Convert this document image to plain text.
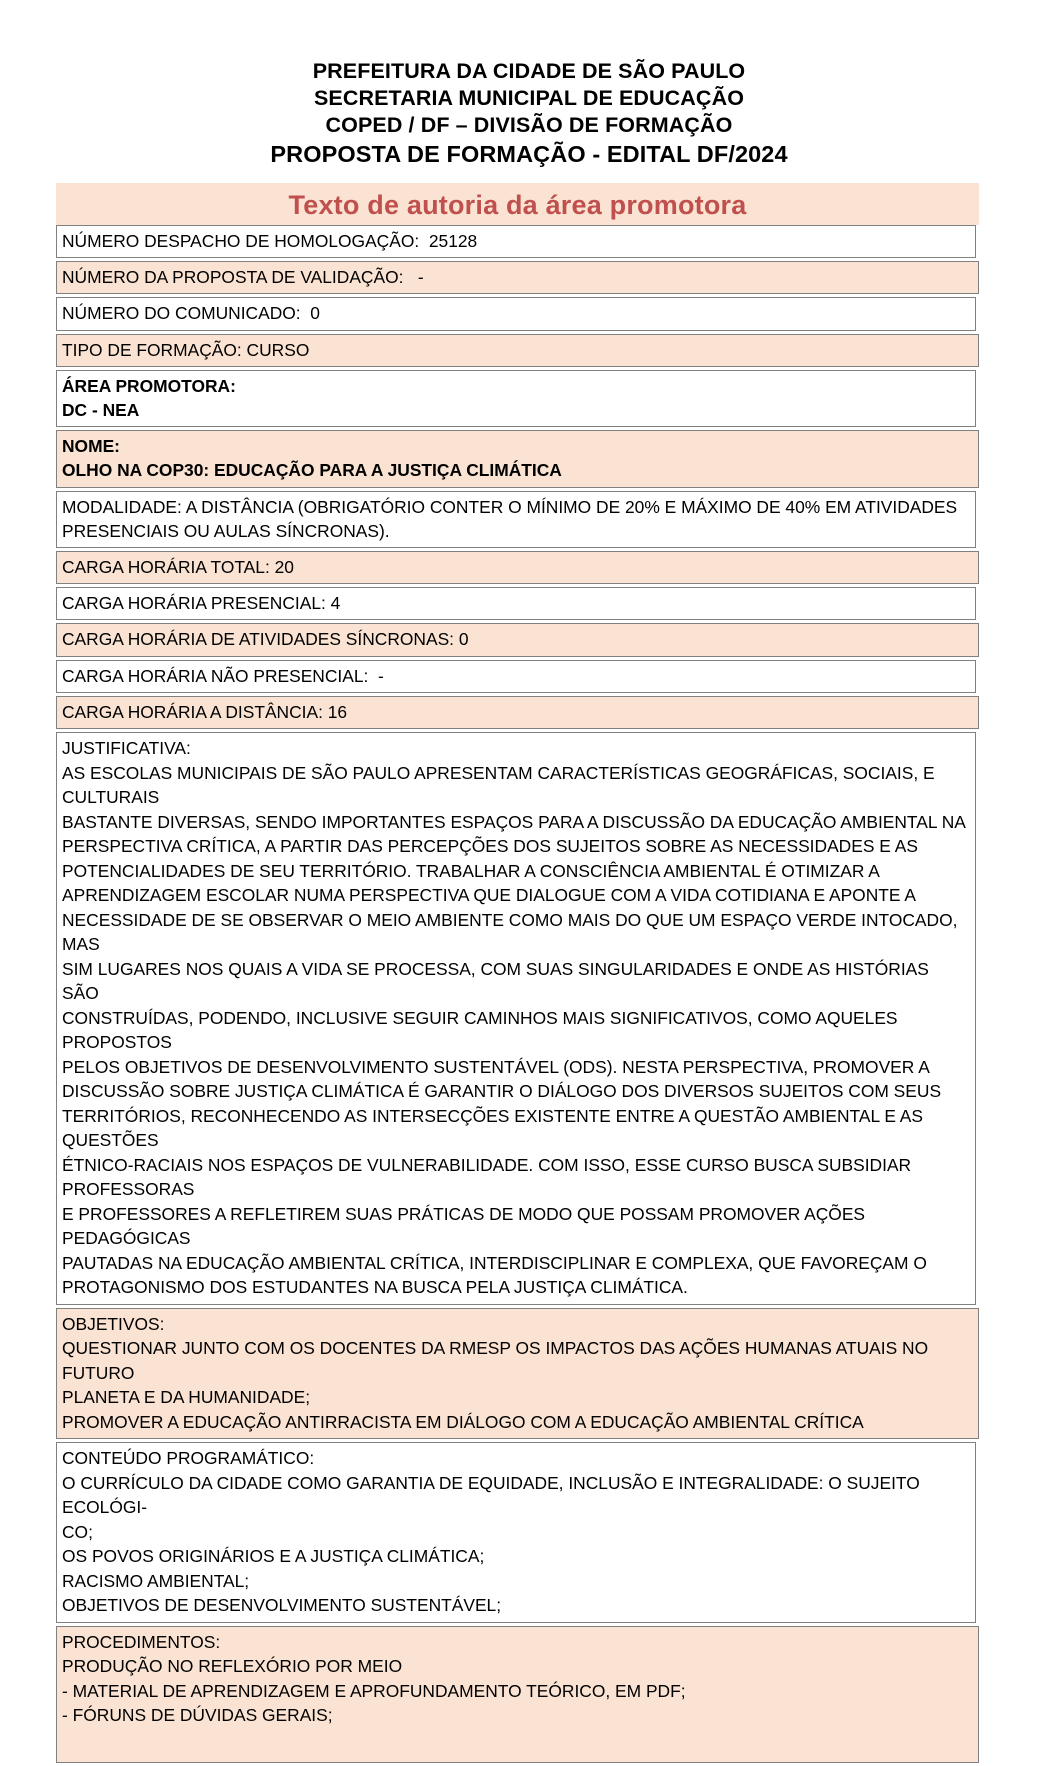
PREFEITURA DA CIDADE DE SÃO PAULO
SECRETARIA MUNICIPAL DE EDUCAÇÃO
COPED / DF – DIVISÃO DE FORMAÇÃO
PROPOSTA DE FORMAÇÃO - EDITAL DF/2024
Texto de autoria da área promotora
NÚMERO DESPACHO DE HOMOLOGAÇÃO:  25128
NÚMERO DA PROPOSTA DE VALIDAÇÃO:   -
NÚMERO DO COMUNICADO:  0
TIPO DE FORMAÇÃO: CURSO
ÁREA PROMOTORA:
DC - NEA
NOME:
OLHO NA COP30: EDUCAÇÃO PARA A JUSTIÇA CLIMÁTICA
MODALIDADE: A DISTÂNCIA (OBRIGATÓRIO CONTER O MÍNIMO DE 20% E MÁXIMO DE 40% EM ATIVIDADES
PRESENCIAIS OU AULAS SÍNCRONAS).
CARGA HORÁRIA TOTAL: 20
CARGA HORÁRIA PRESENCIAL: 4
CARGA HORÁRIA DE ATIVIDADES SÍNCRONAS: 0
CARGA HORÁRIA NÃO PRESENCIAL:  -
CARGA HORÁRIA A DISTÂNCIA: 16
JUSTIFICATIVA:
AS ESCOLAS MUNICIPAIS DE SÃO PAULO APRESENTAM CARACTERÍSTICAS GEOGRÁFICAS, SOCIAIS, E CULTURAIS
BASTANTE DIVERSAS, SENDO IMPORTANTES ESPAÇOS PARA A DISCUSSÃO DA EDUCAÇÃO AMBIENTAL NA
PERSPECTIVA CRÍTICA, A PARTIR DAS PERCEPÇÕES DOS SUJEITOS SOBRE AS NECESSIDADES E AS
POTENCIALIDADES DE SEU TERRITÓRIO. TRABALHAR A CONSCIÊNCIA AMBIENTAL É OTIMIZAR A
APRENDIZAGEM ESCOLAR NUMA PERSPECTIVA QUE DIALOGUE COM A VIDA COTIDIANA E APONTE A
NECESSIDADE DE SE OBSERVAR O MEIO AMBIENTE COMO MAIS DO QUE UM ESPAÇO VERDE INTOCADO, MAS
SIM LUGARES NOS QUAIS A VIDA SE PROCESSA, COM SUAS SINGULARIDADES E ONDE AS HISTÓRIAS SÃO
CONSTRUÍDAS, PODENDO, INCLUSIVE SEGUIR CAMINHOS MAIS SIGNIFICATIVOS, COMO AQUELES PROPOSTOS
PELOS OBJETIVOS DE DESENVOLVIMENTO SUSTENTÁVEL (ODS). NESTA PERSPECTIVA, PROMOVER A
DISCUSSÃO SOBRE JUSTIÇA CLIMÁTICA É GARANTIR O DIÁLOGO DOS DIVERSOS SUJEITOS COM SEUS
TERRITÓRIOS, RECONHECENDO AS INTERSECÇÕES EXISTENTE ENTRE A QUESTÃO AMBIENTAL E AS QUESTÕES
ÉTNICO-RACIAIS NOS ESPAÇOS DE VULNERABILIDADE. COM ISSO, ESSE CURSO BUSCA SUBSIDIAR PROFESSORAS
E PROFESSORES A REFLETIREM SUAS PRÁTICAS DE MODO QUE POSSAM PROMOVER AÇÕES PEDAGÓGICAS
PAUTADAS NA EDUCAÇÃO AMBIENTAL CRÍTICA, INTERDISCIPLINAR E COMPLEXA, QUE FAVOREÇAM O
PROTAGONISMO DOS ESTUDANTES NA BUSCA PELA JUSTIÇA CLIMÁTICA.
OBJETIVOS:
QUESTIONAR JUNTO COM OS DOCENTES DA RMESP OS IMPACTOS DAS AÇÕES HUMANAS ATUAIS NO FUTURO
PLANETA E DA HUMANIDADE;
PROMOVER A EDUCAÇÃO ANTIRRACISTA EM DIÁLOGO COM A EDUCAÇÃO AMBIENTAL CRÍTICA
CONTEÚDO PROGRAMÁTICO:
O CURRÍCULO DA CIDADE COMO GARANTIA DE EQUIDADE, INCLUSÃO E INTEGRALIDADE: O SUJEITO ECOLÓGI-
CO;
OS POVOS ORIGINÁRIOS E A JUSTIÇA CLIMÁTICA;
RACISMO AMBIENTAL;
OBJETIVOS DE DESENVOLVIMENTO SUSTENTÁVEL;
PROCEDIMENTOS:
PRODUÇÃO NO REFLEXÓRIO POR MEIO
- MATERIAL DE APRENDIZAGEM E APROFUNDAMENTO TEÓRICO, EM PDF;
- FÓRUNS DE DÚVIDAS GERAIS;
